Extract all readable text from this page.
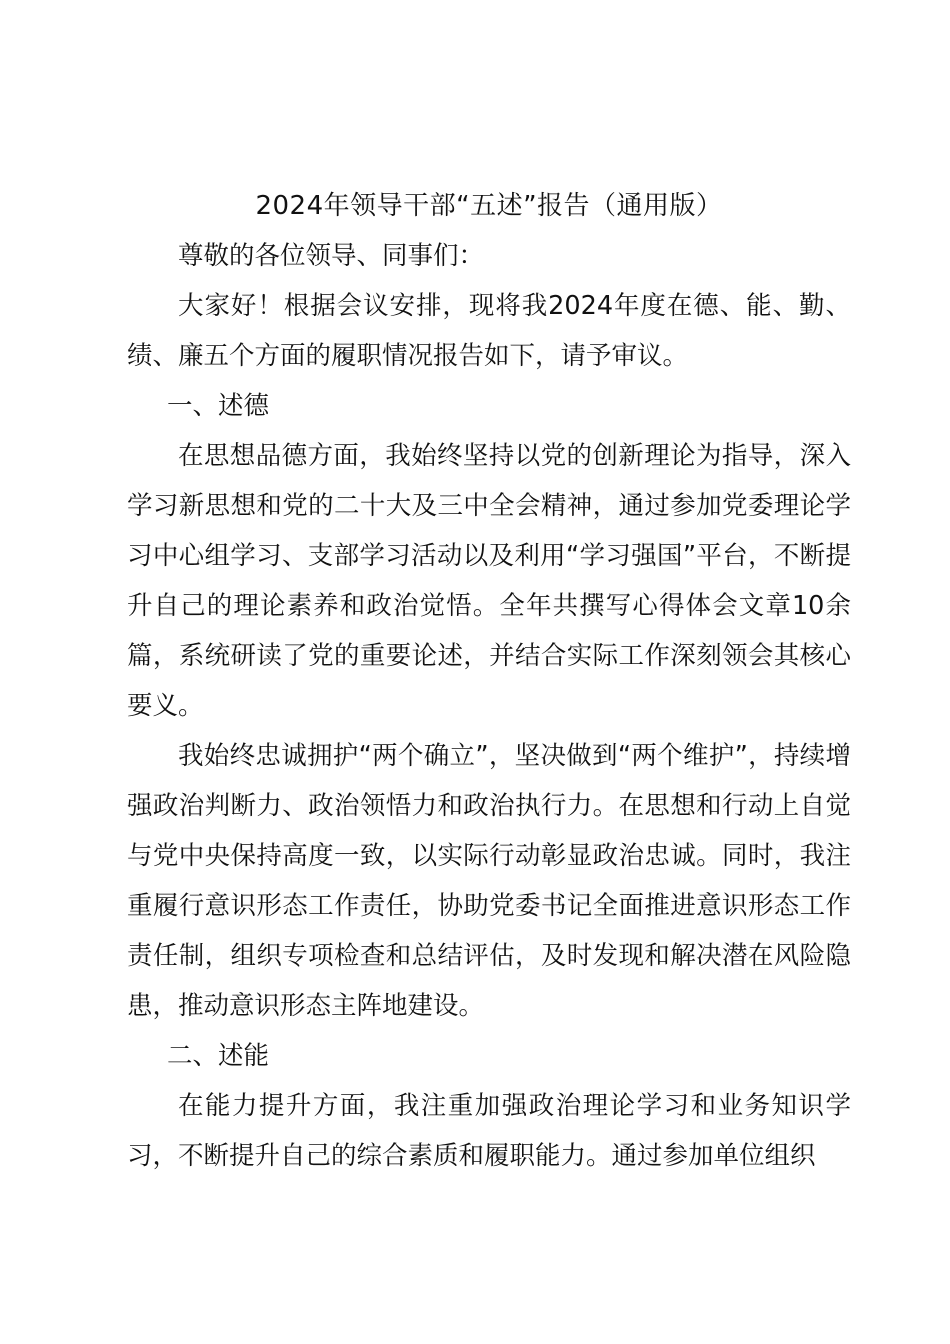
2024年领导干部“五述”报告（通用版）

尊敬的各位领导、同事们：

大家好！根据会议安排，现将我2024年度在德、能、勤、绩、廉五个方面的履职情况报告如下，请予审议。

一、述德

在思想品德方面，我始终坚持以党的创新理论为指导，深入学习新思想和党的二十大及三中全会精神，通过参加党委理论学习中心组学习、支部学习活动以及利用“学习强国”平台，不断提升自己的理论素养和政治觉悟。全年共撰写心得体会文章10余篇，系统研读了党的重要论述，并结合实际工作深刻领会其核心要义。

我始终忠诚拥护“两个确立”，坚决做到“两个维护”，持续增强政治判断力、政治领悟力和政治执行力。在思想和行动上自觉与党中央保持高度一致，以实际行动彰显政治忠诚。同时，我注重履行意识形态工作责任，协助党委书记全面推进意识形态工作责任制，组织专项检查和总结评估，及时发现和解决潜在风险隐患，推动意识形态主阵地建设。

二、述能

在能力提升方面，我注重加强政治理论学习和业务知识学习，不断提升自己的综合素质和履职能力。通过参加单位组织
